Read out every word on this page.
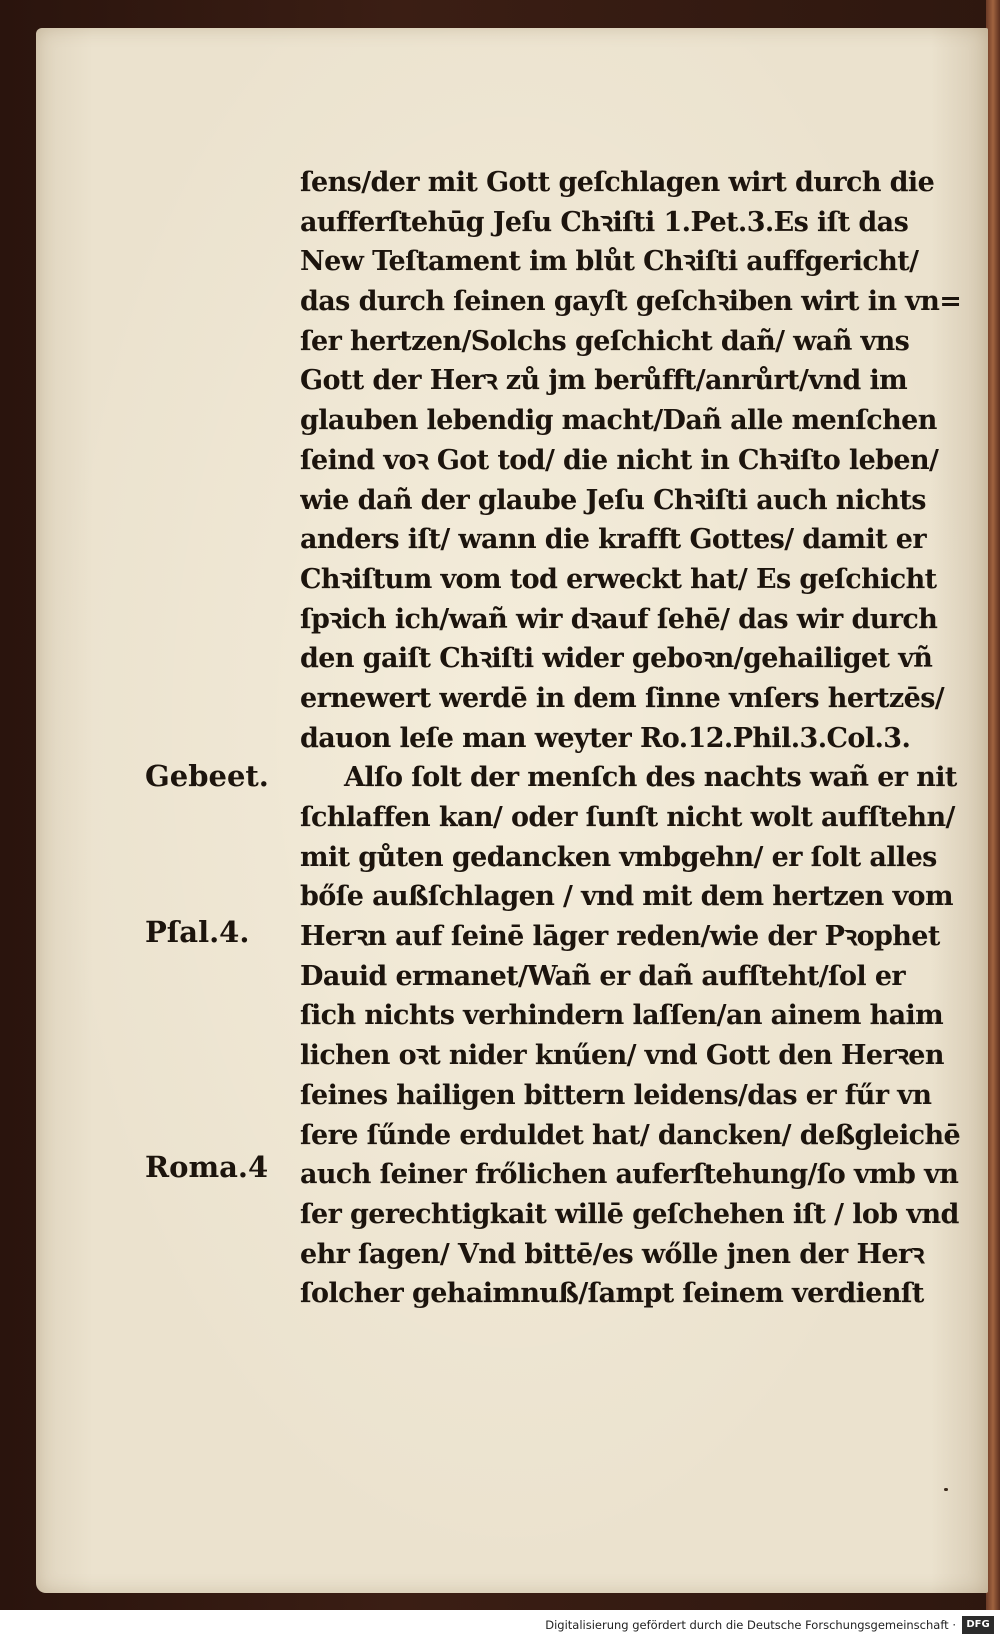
ſens/der mit Gott geſchlagen wirt durch die
aufferſtehūg Jeſu Chꝛiſti 1.Pet.3.Es iſt das
New Teſtament im blůt Chꝛiſti auffgericht/
das durch ſeinen gayſt geſchꝛiben wirt in vn=
ſer hertzen/Solchs geſchicht dañ/ wañ vns
Gott der Herꝛ zů jm berůfft/anrůrt/vnd im
glauben lebendig macht/Dañ alle menſchen
ſeind voꝛ Got tod/ die nicht in Chꝛiſto leben/
wie dañ der glaube Jeſu Chꝛiſti auch nichts
anders iſt/ wann die krafft Gottes/ damit er
Chꝛiſtum vom tod erweckt hat/ Es geſchicht
ſpꝛich ich/wañ wir dꝛauf ſehē/ das wir durch
den gaiſt Chꝛiſti wider geboꝛn/gehailiget vñ
ernewert werdē in dem ſinne vnſers hertzēs/
dauon leſe man weyter Ro.12.Phil.3.Col.3.
Alſo ſolt der menſch des nachts wañ er nit
ſchlaffen kan/ oder ſunſt nicht wolt aufſtehn/
mit gůten gedancken vmbgehn/ er ſolt alles
bőſe außſchlagen / vnd mit dem hertzen vom
Herꝛn auf ſeinē lāger reden/wie der Pꝛophet
Dauid ermanet/Wañ er dañ aufſteht/ſol er
ſich nichts verhindern laſſen/an ainem haim
lichen oꝛt nider knűen/ vnd Gott den Herꝛen
ſeines hailigen bittern leidens/das er fűr vn
ſere ſűnde erduldet hat/ dancken/ deßgleichē
auch ſeiner frőlichen auferſtehung/ſo vmb vn
ſer gerechtigkait willē geſchehen iſt / lob vnd
ehr ſagen/ Vnd bittē/es wőlle jnen der Herꝛ
ſolcher gehaimnuß/ſampt ſeinem verdienſt
Gebeet.
Pſal.4.
Roma.4
Digitalisierung gefördert durch die Deutsche Forschungsgemeinschaft ·	DFG
